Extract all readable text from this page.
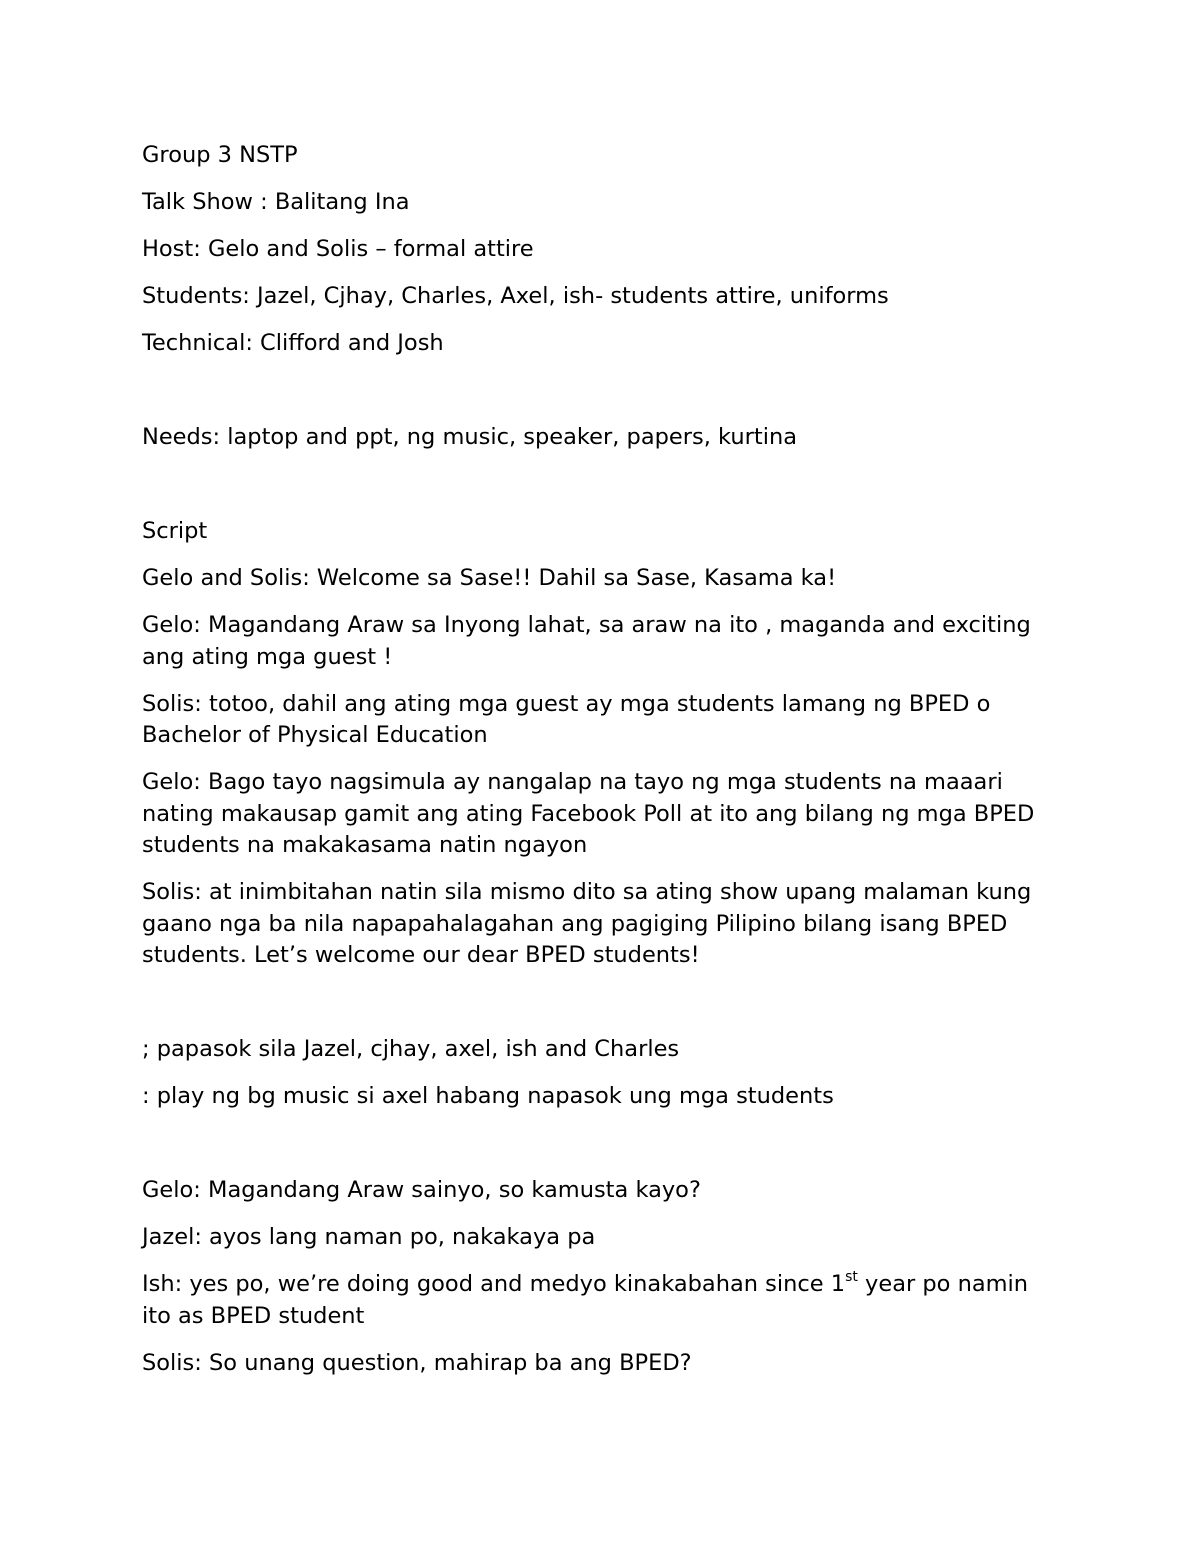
Group 3 NSTP

Talk Show : Balitang Ina

Host: Gelo and Solis – formal attire

Students: Jazel, Cjhay, Charles, Axel, ish- students attire, uniforms

Technical: Clifford and Josh

Needs: laptop and ppt, ng music, speaker, papers, kurtina

Script

Gelo and Solis: Welcome sa Sase!! Dahil sa Sase, Kasama ka!

Gelo: Magandang Araw sa Inyong lahat, sa araw na ito , maganda and exciting ang ating mga guest !

Solis: totoo, dahil ang ating mga guest ay mga students lamang ng BPED o Bachelor of Physical Education

Gelo: Bago tayo nagsimula ay nangalap na tayo ng mga students na maaari nating makausap gamit ang ating Facebook Poll at ito ang bilang ng mga BPED students na makakasama natin ngayon

Solis: at inimbitahan natin sila mismo dito sa ating show upang malaman kung gaano nga ba nila napapahalagahan ang pagiging Pilipino bilang isang BPED students. Let’s welcome our dear BPED students!

; papasok sila Jazel, cjhay, axel, ish and Charles

: play ng bg music si axel habang napasok ung mga students

Gelo: Magandang Araw sainyo, so kamusta kayo?

Jazel: ayos lang naman po, nakakaya pa

Ish: yes po, we’re doing good and medyo kinakabahan since 1st year po namin ito as BPED student

Solis: So unang question, mahirap ba ang BPED?
